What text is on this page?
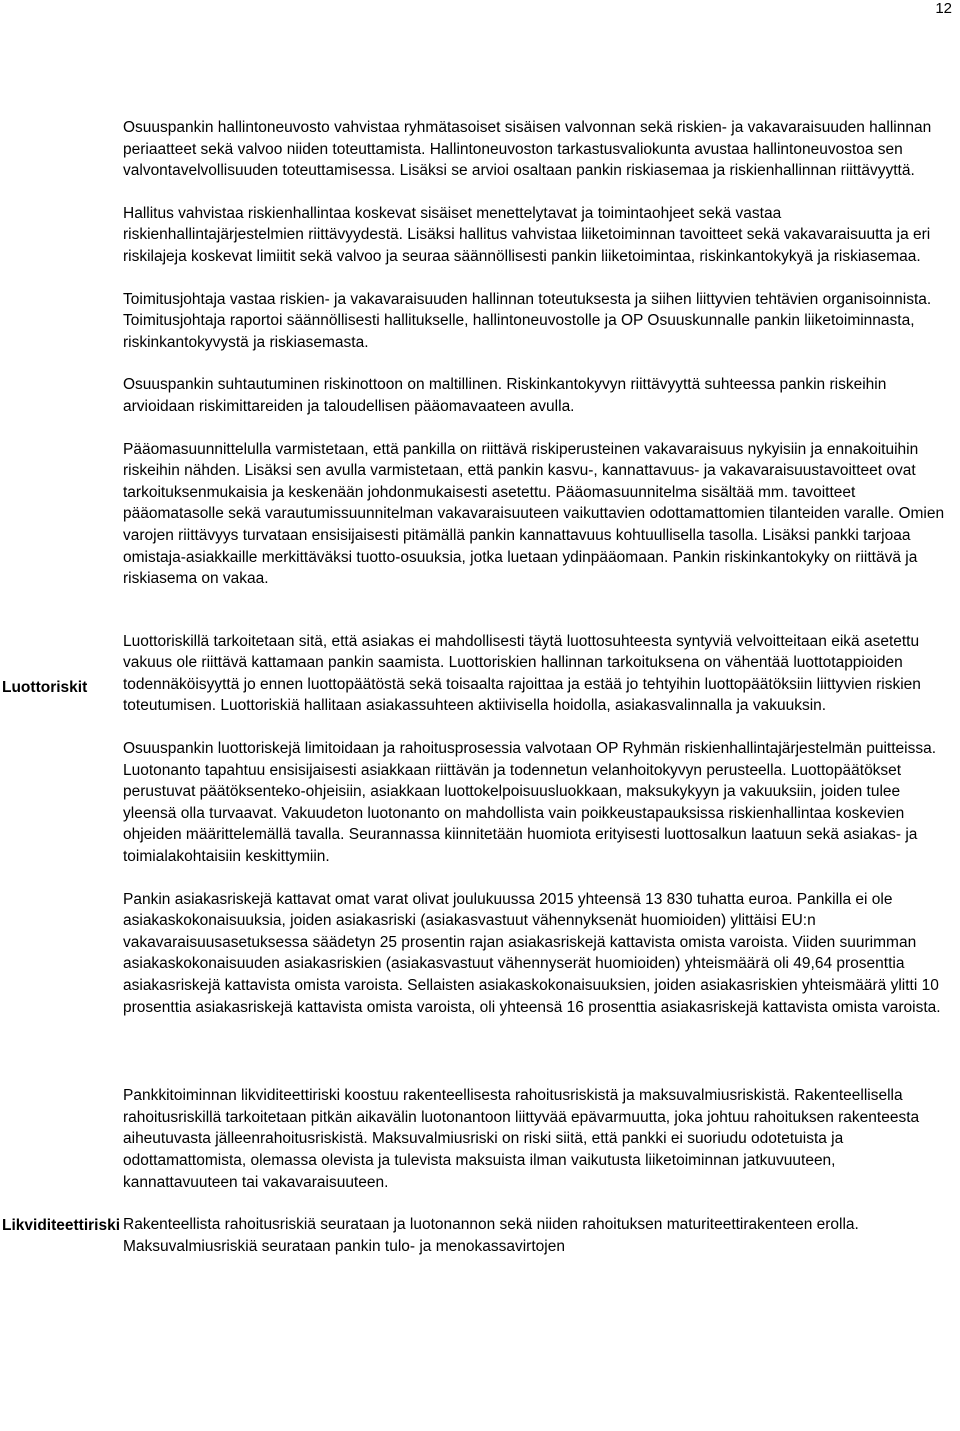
12
Luottoriskit
Likviditeettiriski

Osuuspankin hallintoneuvosto vahvistaa ryhmätasoiset sisäisen valvonnan sekä riskien- ja vakavaraisuuden hallinnan periaatteet sekä valvoo niiden toteuttamista. Hallintoneuvoston tarkastusvaliokunta avustaa hallintoneuvostoa sen valvontavelvollisuuden toteuttamisessa. Lisäksi se arvioi osaltaan pankin riskiasemaa ja riskienhallinnan riittävyyttä.

Hallitus vahvistaa riskienhallintaa koskevat sisäiset menettelytavat ja toimintaohjeet sekä vastaa riskienhallintajärjestelmien riittävyydestä. Lisäksi hallitus vahvistaa liiketoiminnan tavoitteet sekä vakavaraisuutta ja eri riskilajeja koskevat limiitit sekä valvoo ja seuraa säännöllisesti pankin liiketoimintaa, riskinkantokykyä ja riskiasemaa.

Toimitusjohtaja vastaa riskien- ja vakavaraisuuden hallinnan toteutuksesta ja siihen liittyvien tehtävien organisoinnista. Toimitusjohtaja raportoi säännöllisesti hallitukselle, hallintoneuvostolle ja OP Osuuskunnalle pankin liiketoiminnasta, riskinkantokyvystä ja riskiasemasta.

Osuuspankin suhtautuminen riskinottoon on maltillinen. Riskinkantokyvyn riittävyyttä suhteessa pankin riskeihin arvioidaan riskimittareiden ja taloudellisen pääomavaateen avulla.

Pääomasuunnittelulla varmistetaan, että pankilla on riittävä riskiperusteinen vakavaraisuus nykyisiin ja ennakoituihin riskeihin nähden. Lisäksi sen avulla varmistetaan, että pankin kasvu-, kannattavuus- ja vakavaraisuustavoitteet ovat tarkoituksenmukaisia ja keskenään johdonmukaisesti asetettu. Pääomasuunnitelma sisältää mm. tavoitteet pääomatasolle sekä varautumissuunnitelman vakavaraisuuteen vaikuttavien odottamattomien tilanteiden varalle. Omien varojen riittävyys turvataan ensisijaisesti pitämällä pankin kannattavuus kohtuullisella tasolla. Lisäksi pankki tarjoaa omistaja-asiakkaille merkittäväksi tuotto-osuuksia, jotka luetaan ydinpääomaan. Pankin riskinkantokyky on riittävä ja riskiasema on vakaa.

Luottoriskillä tarkoitetaan sitä, että asiakas ei mahdollisesti täytä luottosuhteesta syntyviä velvoitteitaan eikä asetettu vakuus ole riittävä kattamaan pankin saamista. Luottoriskien hallinnan tarkoituksena on vähentää luottotappioiden todennäköisyyttä jo ennen luottopäätöstä sekä toisaalta rajoittaa ja estää jo tehtyihin luottopäätöksiin liittyvien riskien toteutumisen. Luottoriskiä hallitaan asiakassuhteen aktiivisella hoidolla, asiakasvalinnalla ja vakuuksin.

Osuuspankin luottoriskejä limitoidaan ja rahoitusprosessia valvotaan OP Ryhmän riskienhallintajärjestelmän puitteissa. Luotonanto tapahtuu ensisijaisesti asiakkaan riittävän ja todennetun velanhoitokyvyn perusteella. Luottopäätökset perustuvat päätöksenteko-ohjeisiin, asiakkaan luottokelpoisuusluokkaan, maksukykyyn ja vakuuksiin, joiden tulee yleensä olla turvaavat. Vakuudeton luotonanto on mahdollista vain poikkeustapauksissa riskienhallintaa koskevien ohjeiden määrittelemällä tavalla. Seurannassa kiinnitetään huomiota erityisesti luottosalkun laatuun sekä asiakas- ja toimialakohtaisiin keskittymiin.

Pankin asiakasriskejä kattavat omat varat olivat joulukuussa 2015 yhteensä 13 830 tuhatta euroa. Pankilla ei ole asiakaskokonaisuuksia, joiden asiakasriski (asiakasvastuut vähennyksenät huomioiden) ylittäisi EU:n vakavaraisuusasetuksessa säädetyn 25 prosentin rajan asiakasriskejä kattavista omista varoista. Viiden suurimman asiakaskokonaisuuden asiakasriskien (asiakasvastuut vähennyserät huomioiden) yhteismäärä oli 49,64 prosenttia asiakasriskejä kattavista omista varoista. Sellaisten asiakaskokonaisuuksien, joiden asiakasriskien yhteismäärä ylitti 10 prosenttia asiakasriskejä kattavista omista varoista, oli yhteensä 16 prosenttia asiakasriskejä kattavista omista varoista.

Pankkitoiminnan likviditeettiriski koostuu rakenteellisesta rahoitusriskistä ja maksuvalmiusriskistä. Rakenteellisella rahoitusriskillä tarkoitetaan pitkän aikavälin luotonantoon liittyvää epävarmuutta, joka johtuu rahoituksen rakenteesta aiheutuvasta jälleenrahoitusriskistä. Maksuvalmiusriski on riski siitä, että pankki ei suoriudu odotetuista ja odottamattomista, olemassa olevista ja tulevista maksuista ilman vaikutusta liiketoiminnan jatkuvuuteen, kannattavuuteen tai vakavaraisuuteen.

Rakenteellista rahoitusriskiä seurataan ja luotonannon sekä niiden rahoituksen maturiteettirakenteen erolla. Maksuvalmiusriskiä seurataan pankin tulo- ja menokassavirtojen
